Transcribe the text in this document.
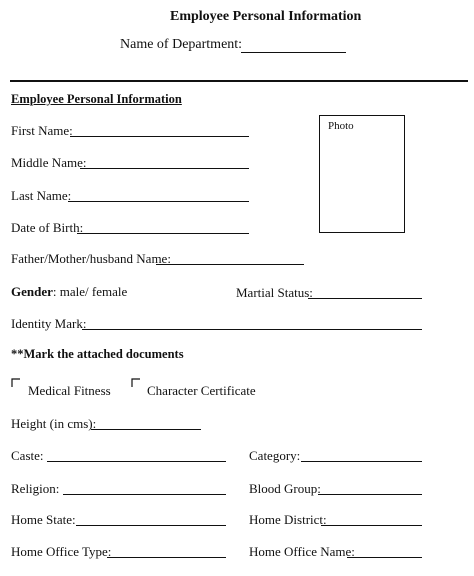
Employee Personal Information
Name of Department:
Employee Personal Information
Photo
First Name:
Middle Name:
Last Name:
Date of Birth:
Father/Mother/husband Name:
Gender: male/ female	Martial Status:
Identity Mark:
**Mark the attached documents
Medical Fitness	Character Certificate
Height (in cms):
Caste:	Category:
Religion:	Blood Group:
Home State:	Home District:
Home Office Type:	Home Office Name:
